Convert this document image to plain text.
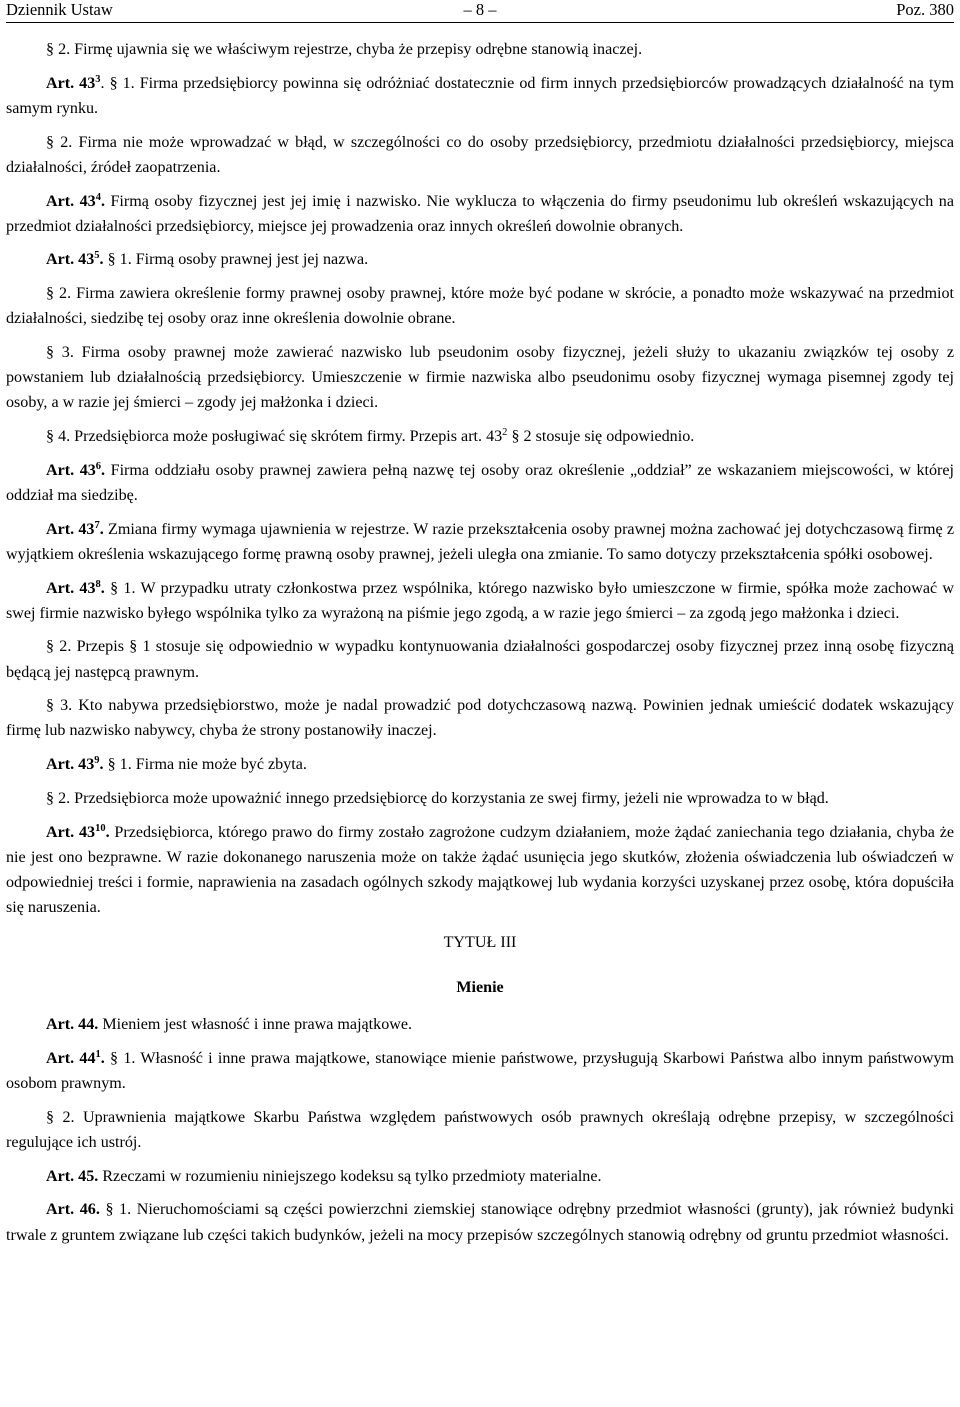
Dziennik Ustaw	– 8 –	Poz. 380

§ 2. Firmę ujawnia się we właściwym rejestrze, chyba że przepisy odrębne stanowią inaczej.

Art. $43^3$. § 1. Firma przedsiębiorcy powinna się odróżniać dostatecznie od firm innych przedsiębiorców prowadzących działalność na tym samym rynku.

§ 2. Firma nie może wprowadzać w błąd, w szczególności co do osoby przedsiębiorcy, przedmiotu działalności przedsiębiorcy, miejsca działalności, źródeł zaopatrzenia.

Art. $43^4$. Firmą osoby fizycznej jest jej imię i nazwisko. Nie wyklucza to włączenia do firmy pseudonimu lub określeń wskazujących na przedmiot działalności przedsiębiorcy, miejsce jej prowadzenia oraz innych określeń dowolnie obranych.

Art. $43^5$. § 1. Firmą osoby prawnej jest jej nazwa.

§ 2. Firma zawiera określenie formy prawnej osoby prawnej, które może być podane w skrócie, a ponadto może wskazywać na przedmiot działalności, siedzibę tej osoby oraz inne określenia dowolnie obrane.

§ 3. Firma osoby prawnej może zawierać nazwisko lub pseudonim osoby fizycznej, jeżeli służy to ukazaniu związków tej osoby z powstaniem lub działalnością przedsiębiorcy. Umieszczenie w firmie nazwiska albo pseudonimu osoby fizycznej wymaga pisemnej zgody tej osoby, a w razie jej śmierci – zgody jej małżonka i dzieci.

§ 4. Przedsiębiorca może posługiwać się skrótem firmy. Przepis art. $43^2$ § 2 stosuje się odpowiednio.

Art. $43^6$. Firma oddziału osoby prawnej zawiera pełną nazwę tej osoby oraz określenie „oddział” ze wskazaniem miejscowości, w której oddział ma siedzibę.

Art. $43^7$. Zmiana firmy wymaga ujawnienia w rejestrze. W razie przekształcenia osoby prawnej można zachować jej dotychczasową firmę z wyjątkiem określenia wskazującego formę prawną osoby prawnej, jeżeli uległa ona zmianie. To samo dotyczy przekształcenia spółki osobowej.

Art. $43^8$. § 1. W przypadku utraty członkostwa przez wspólnika, którego nazwisko było umieszczone w firmie, spółka może zachować w swej firmie nazwisko byłego wspólnika tylko za wyrażoną na piśmie jego zgodą, a w razie jego śmierci – za zgodą jego małżonka i dzieci.

§ 2. Przepis § 1 stosuje się odpowiednio w wypadku kontynuowania działalności gospodarczej osoby fizycznej przez inną osobę fizyczną będącą jej następcą prawnym.

§ 3. Kto nabywa przedsiębiorstwo, może je nadal prowadzić pod dotychczasową nazwą. Powinien jednak umieścić dodatek wskazujący firmę lub nazwisko nabywcy, chyba że strony postanowiły inaczej.

Art. $43^9$. § 1. Firma nie może być zbyta.

§ 2. Przedsiębiorca może upoważnić innego przedsiębiorcę do korzystania ze swej firmy, jeżeli nie wprowadza to w błąd.

Art. $43^{10}$. Przedsiębiorca, którego prawo do firmy zostało zagrożone cudzym działaniem, może żądać zaniechania tego działania, chyba że nie jest ono bezprawne. W razie dokonanego naruszenia może on także żądać usunięcia jego skutków, złożenia oświadczenia lub oświadczeń w odpowiedniej treści i formie, naprawienia na zasadach ogólnych szkody majątkowej lub wydania korzyści uzyskanej przez osobę, która dopuściła się naruszenia.

TYTUŁ III
Mienie

Art. 44. Mieniem jest własność i inne prawa majątkowe.

Art. $44^1$. § 1. Własność i inne prawa majątkowe, stanowiące mienie państwowe, przysługują Skarbowi Państwa albo innym państwowym osobom prawnym.

§ 2. Uprawnienia majątkowe Skarbu Państwa względem państwowych osób prawnych określają odrębne przepisy, w szczególności regulujące ich ustrój.

Art. 45. Rzeczami w rozumieniu niniejszego kodeksu są tylko przedmioty materialne.

Art. 46. § 1. Nieruchomościami są części powierzchni ziemskiej stanowiące odrębny przedmiot własności (grunty), jak również budynki trwale z gruntem związane lub części takich budynków, jeżeli na mocy przepisów szczególnych stanowią odrębny od gruntu przedmiot własności.
